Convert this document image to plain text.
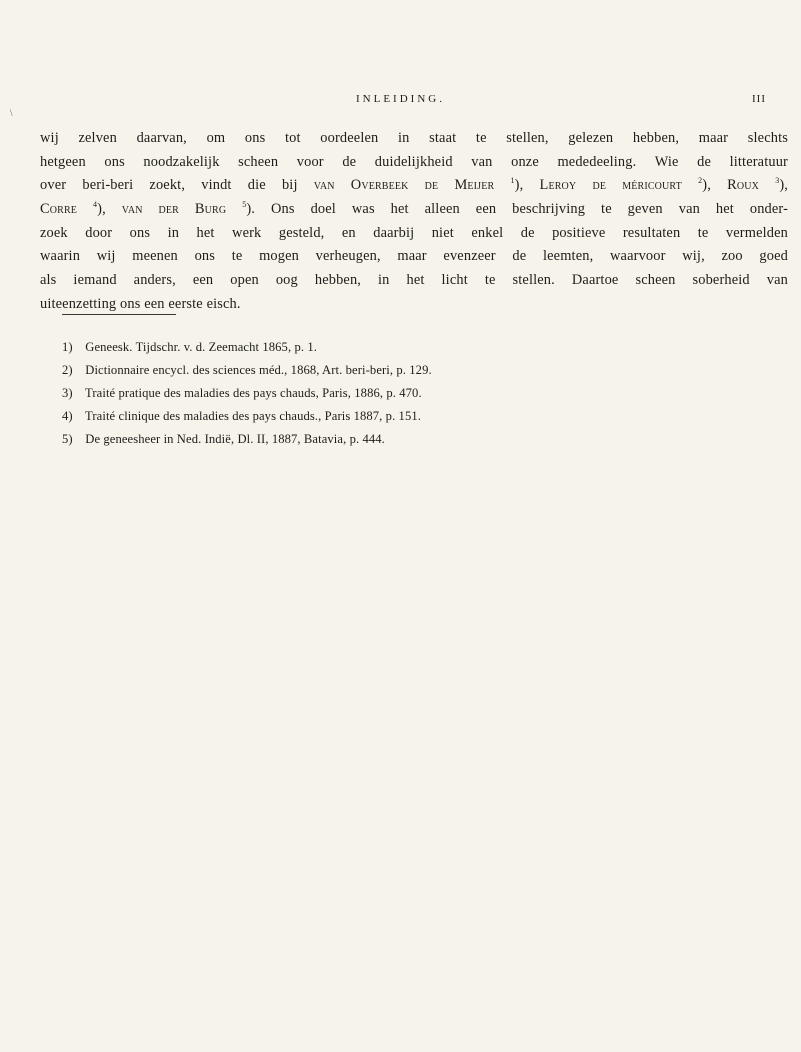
INLEIDING.	III
\
wij zelven daarvan, om ons tot oordeelen in staat te stellen, gelezen hebben, maar slechts
hetgeen ons noodzakelijk scheen voor de duidelijkheid van onze mededeeling. Wie de litteratuur
over beri-beri zoekt, vindt die bij van Overbeek de Meijer $^1$), Leroy de méricourt $^2$), Roux $^3$),
Corre $^4$), van der Burg $^5$). Ons doel was het alleen een beschrijving te geven van het onder-
zoek door ons in het werk gesteld, en daarbij niet enkel de positieve resultaten te vermelden
waarin wij meenen ons te mogen verheugen, maar evenzeer de leemten, waarvoor wij, zoo goed
als iemand anders, een open oog hebben, in het licht te stellen. Daartoe scheen soberheid van
uiteenzetting ons een eerste eisch.
1) Geneesk. Tijdschr. v. d. Zeemacht 1865, p. 1.
2) Dictionnaire encycl. des sciences méd., 1868, Art. beri-beri, p. 129.
3) Traité pratique des maladies des pays chauds, Paris, 1886, p. 470.
4) Traité clinique des maladies des pays chauds., Paris 1887, p. 151.
5) De geneesheer in Ned. Indië, Dl. II, 1887, Batavia, p. 444.
